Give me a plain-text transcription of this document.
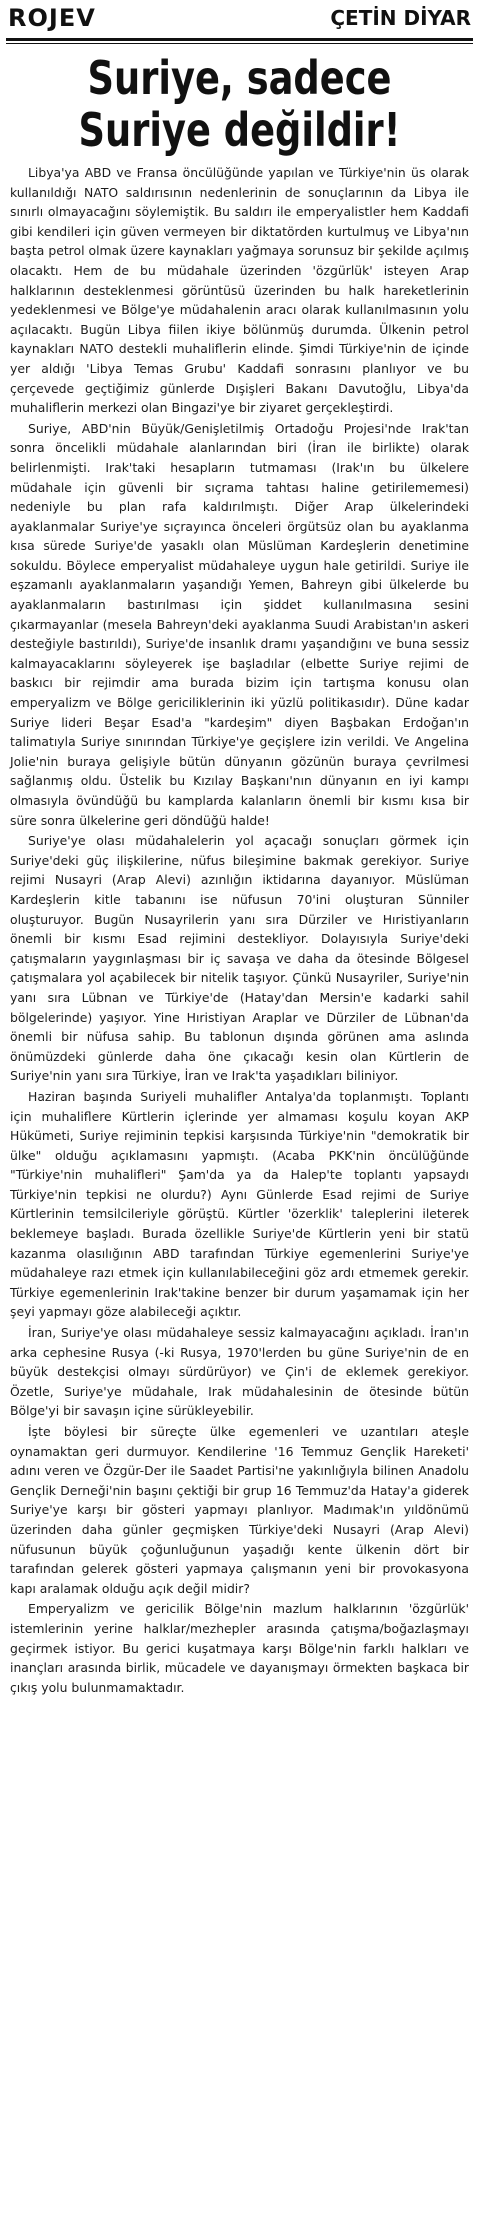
ROJEV	ÇETİN DİYAR
Suriye, sadece
Suriye değildir!

Libya'ya ABD ve Fransa öncülüğünde yapılan ve Türkiye'nin üs olarak kullanıldığı NATO saldırısının nedenlerinin de sonuçlarının da Libya ile sınırlı olmayacağını söylemiştik. Bu saldırı ile emperyalistler hem Kaddafi gibi kendileri için güven vermeyen bir diktatörden kurtulmuş ve Libya'nın başta petrol olmak üzere kaynakları yağmaya sorunsuz bir şekilde açılmış olacaktı. Hem de bu müdahale üzerinden 'özgürlük' isteyen Arap halklarının desteklenmesi görüntüsü üzerinden bu halk hareketlerinin yedeklenmesi ve Bölge'ye müdahalenin aracı olarak kullanılmasının yolu açılacaktı. Bugün Libya fiilen ikiye bölünmüş durumda. Ülkenin petrol kaynakları NATO destekli muhaliflerin elinde. Şimdi Türkiye'nin de içinde yer aldığı 'Libya Temas Grubu' Kaddafi sonrasını planlıyor ve bu çerçevede geçtiğimiz günlerde Dışişleri Bakanı Davutoğlu, Libya'da muhaliflerin merkezi olan Bingazi'ye bir ziyaret gerçekleştirdi.

Suriye, ABD'nin Büyük/Genişletilmiş Ortadoğu Projesi'nde Irak'tan sonra öncelikli müdahale alanlarından biri (İran ile birlikte) olarak belirlenmişti. Irak'taki hesapların tutmaması (Irak'ın bu ülkelere müdahale için güvenli bir sıçrama tahtası haline getirilememesi) nedeniyle bu plan rafa kaldırılmıştı. Diğer Arap ülkelerindeki ayaklanmalar Suriye'ye sıçrayınca önceleri örgütsüz olan bu ayaklanma kısa sürede Suriye'de yasaklı olan Müslüman Kardeşlerin denetimine sokuldu. Böylece emperyalist müdahaleye uygun hale getirildi. Suriye ile eşzamanlı ayaklanmaların yaşandığı Yemen, Bahreyn gibi ülkelerde bu ayaklanmaların bastırılması için şiddet kullanılmasına sesini çıkarmayanlar (mesela Bahreyn'deki ayaklanma Suudi Arabistan'ın askeri desteğiyle bastırıldı), Suriye'de insanlık dramı yaşandığını ve buna sessiz kalmayacaklarını söyleyerek işe başladılar (elbette Suriye rejimi de baskıcı bir rejimdir ama burada bizim için tartışma konusu olan emperyalizm ve Bölge gericiliklerinin iki yüzlü politikasıdır). Düne kadar Suriye lideri Beşar Esad'a "kardeşim" diyen Başbakan Erdoğan'ın talimatıyla Suriye sınırından Türkiye'ye geçişlere izin verildi. Ve Angelina Jolie'nin buraya gelişiyle bütün dünyanın gözünün buraya çevrilmesi sağlanmış oldu. Üstelik bu Kızılay Başkanı'nın dünyanın en iyi kampı olmasıyla övündüğü bu kamplarda kalanların önemli bir kısmı kısa bir süre sonra ülkelerine geri döndüğü halde!

Suriye'ye olası müdahalelerin yol açacağı sonuçları görmek için Suriye'deki güç ilişkilerine, nüfus bileşimine bakmak gerekiyor. Suriye rejimi Nusayri (Arap Alevi) azınlığın iktidarına dayanıyor. Müslüman Kardeşlerin kitle tabanını ise nüfusun 70'ini oluşturan Sünniler oluşturuyor. Bugün Nusayrilerin yanı sıra Dürziler ve Hıristiyanların önemli bir kısmı Esad rejimini destekliyor. Dolayısıyla Suriye'deki çatışmaların yaygınlaşması bir iç savaşa ve daha da ötesinde Bölgesel çatışmalara yol açabilecek bir nitelik taşıyor. Çünkü Nusayriler, Suriye'nin yanı sıra Lübnan ve Türkiye'de (Hatay'dan Mersin'e kadarki sahil bölgelerinde) yaşıyor. Yine Hıristiyan Araplar ve Dürziler de Lübnan'da önemli bir nüfusa sahip. Bu tablonun dışında görünen ama aslında önümüzdeki günlerde daha öne çıkacağı kesin olan Kürtlerin de Suriye'nin yanı sıra Türkiye, İran ve Irak'ta yaşadıkları biliniyor.

Haziran başında Suriyeli muhalifler Antalya'da toplanmıştı. Toplantı için muhaliflere Kürtlerin içlerinde yer almaması koşulu koyan AKP Hükümeti, Suriye rejiminin tepkisi karşısında Türkiye'nin "demokratik bir ülke" olduğu açıklamasını yapmıştı. (Acaba PKK'nin öncülüğünde "Türkiye'nin muhalifleri" Şam'da ya da Halep'te toplantı yapsaydı Türkiye'nin tepkisi ne olurdu?) Aynı Günlerde Esad rejimi de Suriye Kürtlerinin temsilcileriyle görüştü. Kürtler 'özerklik' taleplerini ileterek beklemeye başladı. Burada özellikle Suriye'de Kürtlerin yeni bir statü kazanma olasılığının ABD tarafından Türkiye egemenlerini Suriye'ye müdahaleye razı etmek için kullanılabileceğini göz ardı etmemek gerekir. Türkiye egemenlerinin Irak'takine benzer bir durum yaşamamak için her şeyi yapmayı göze alabileceği açıktır.

İran, Suriye'ye olası müdahaleye sessiz kalmayacağını açıkladı. İran'ın arka cephesine Rusya (-ki Rusya, 1970'lerden bu güne Suriye'nin de en büyük destekçisi olmayı sürdürüyor) ve Çin'i de eklemek gerekiyor. Özetle, Suriye'ye müdahale, Irak müdahalesinin de ötesinde bütün Bölge'yi bir savaşın içine sürükleyebilir.

İşte böylesi bir süreçte ülke egemenleri ve uzantıları ateşle oynamaktan geri durmuyor. Kendilerine '16 Temmuz Gençlik Hareketi' adını veren ve Özgür-Der ile Saadet Partisi'ne yakınlığıyla bilinen Anadolu Gençlik Derneği'nin başını çektiği bir grup 16 Temmuz'da Hatay'a giderek Suriye'ye karşı bir gösteri yapmayı planlıyor. Madımak'ın yıldönümü üzerinden daha günler geçmişken Türkiye'deki Nusayri (Arap Alevi) nüfusunun büyük çoğunluğunun yaşadığı kente ülkenin dört bir tarafından gelerek gösteri yapmaya çalışmanın yeni bir provokasyona kapı aralamak olduğu açık değil midir?

Emperyalizm ve gericilik Bölge'nin mazlum halklarının 'özgürlük' istemlerinin yerine halklar/mezhepler arasında çatışma/boğazlaşmayı geçirmek istiyor. Bu gerici kuşatmaya karşı Bölge'nin farklı halkları ve inançları arasında birlik, mücadele ve dayanışmayı örmekten başkaca bir çıkış yolu bulunmamaktadır.
